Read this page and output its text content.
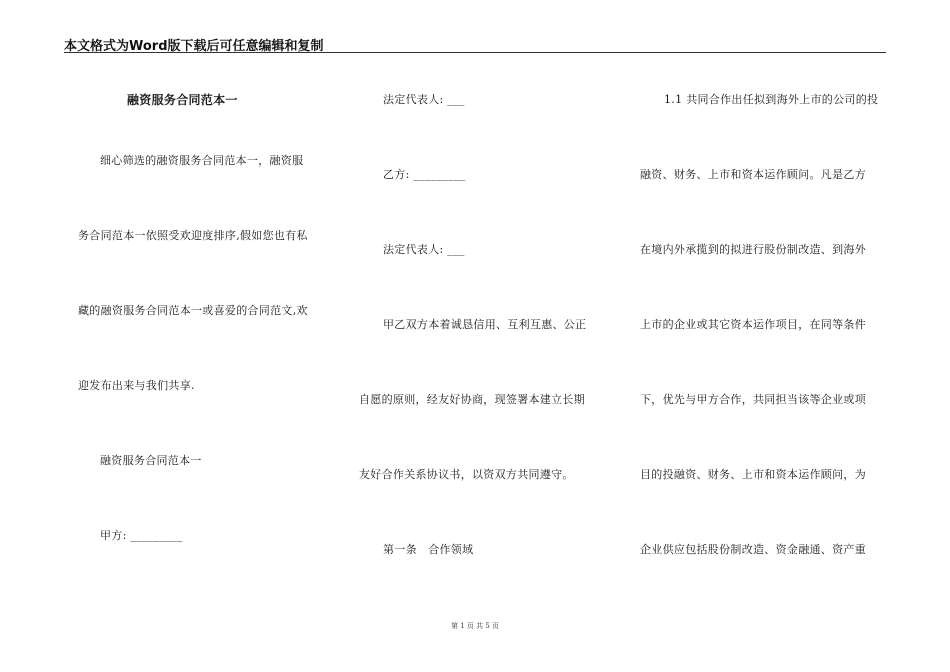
本文格式为Word版下载后可任意编辑和复制
融资服务合同范本一
细心筛选的融资服务合同范本一，融资服
务合同范本一依照受欢迎度排序,假如您也有私
藏的融资服务合同范本一或喜爱的合同范文,欢
迎发布出来与我们共享.
融资服务合同范本一
甲方: _________
法定代表人: ___
乙方: _________
法定代表人: ___
甲乙双方本着诚恳信用、互利互惠、公正
自愿的原则，经友好协商，现签署本建立长期
友好合作关系协议书，以资双方共同遵守。
第一条　合作领域
1.1 共同合作出任拟到海外上市的公司的投
融资、财务、上市和资本运作顾问。凡是乙方
在境内外承揽到的拟进行股份制改造、到海外
上市的企业或其它资本运作项目，在同等条件
下，优先与甲方合作，共同担当该等企业或项
目的投融资、财务、上市和资本运作顾问，为
企业供应包括股份制改造、资金融通、资产重
第 1 页 共 5 页
